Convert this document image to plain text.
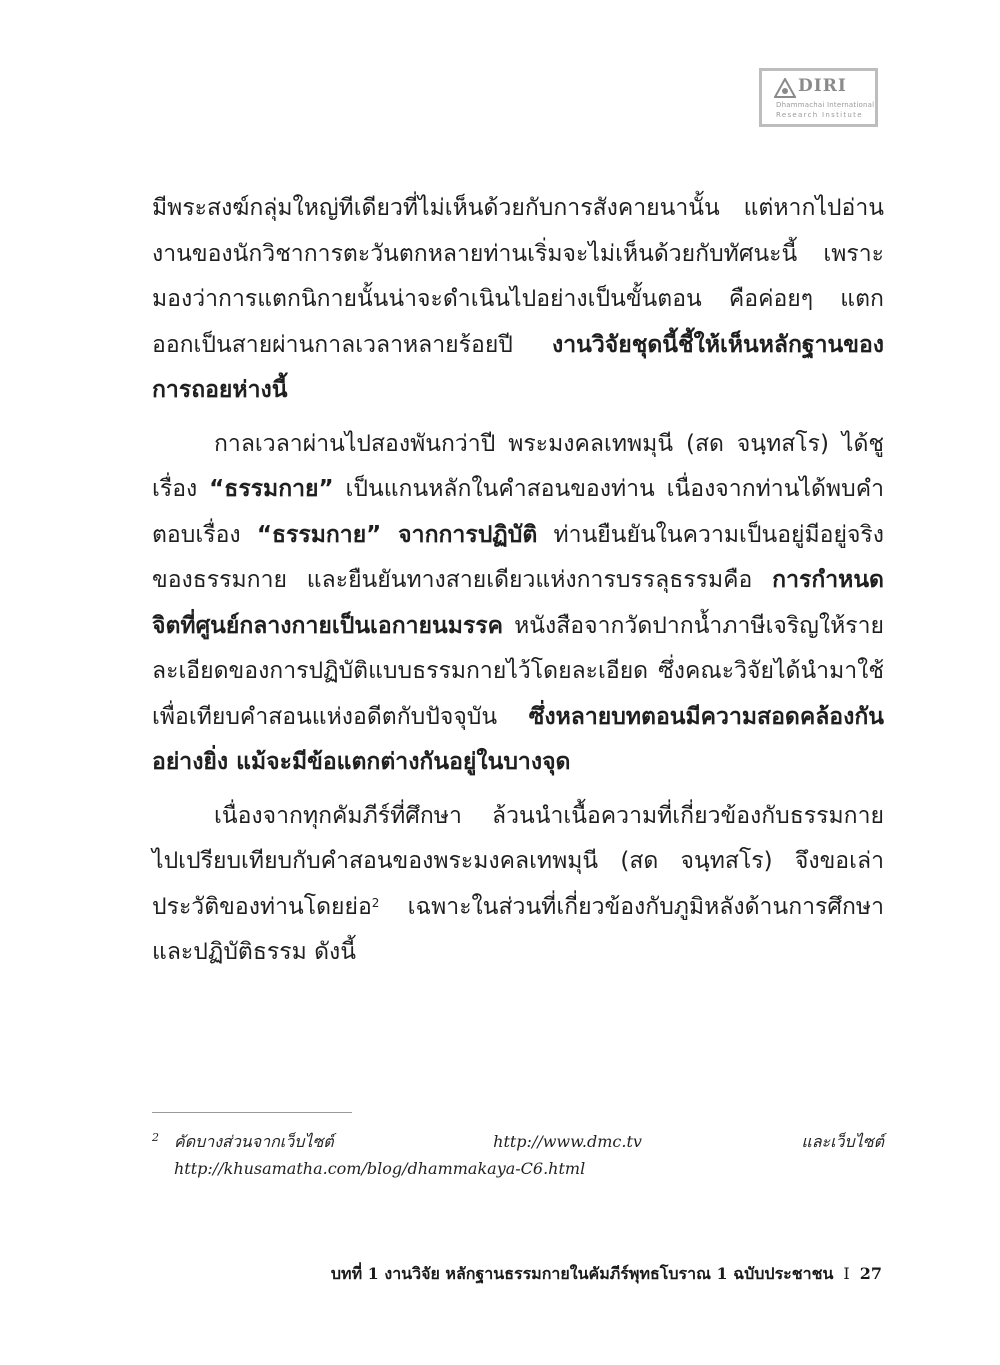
DIRI
Dhammachai International
Research Institute

มีพระสงฆ์กลุ่มใหญ่ทีเดียวที่ไม่เห็นด้วยกับการสังคายนานั้น แต่หากไปอ่านงานของนักวิชาการตะวันตกหลายท่านเริ่มจะไม่เห็นด้วยกับทัศนะนี้ เพราะมองว่าการแตกนิกายนั้นน่าจะดำเนินไปอย่างเป็นขั้นตอน คือค่อยๆ แตกออกเป็นสายผ่านกาลเวลาหลายร้อยปี งานวิจัยชุดนี้ชี้ให้เห็นหลักฐานของการถอยห่างนี้

กาลเวลาผ่านไปสองพันกว่าปี พระมงคลเทพมุนี (สด จนฺทสโร) ได้ชูเรื่อง “ธรรมกาย” เป็นแกนหลักในคำสอนของท่าน เนื่องจากท่านได้พบคำตอบเรื่อง “ธรรมกาย” จากการปฏิบัติ ท่านยืนยันในความเป็นอยู่มีอยู่จริงของธรรมกาย และยืนยันทางสายเดียวแห่งการบรรลุธรรมคือ การกำหนดจิตที่ศูนย์กลางกายเป็นเอกายนมรรค หนังสือจากวัดปากน้ำภาษีเจริญให้รายละเอียดของการปฏิบัติแบบธรรมกายไว้โดยละเอียด ซึ่งคณะวิจัยได้นำมาใช้เพื่อเทียบคำสอนแห่งอดีตกับปัจจุบัน ซึ่งหลายบทตอนมีความสอดคล้องกันอย่างยิ่ง แม้จะมีข้อแตกต่างกันอยู่ในบางจุด

เนื่องจากทุกคัมภีร์ที่ศึกษา ล้วนนำเนื้อความที่เกี่ยวข้องกับธรรมกายไปเปรียบเทียบกับคำสอนของพระมงคลเทพมุนี (สด จนฺทสโร) จึงขอเล่าประวัติของท่านโดยย่อ$^2$ เฉพาะในส่วนที่เกี่ยวข้องกับภูมิหลังด้านการศึกษาและปฏิบัติธรรม ดังนี้

2 คัดบางส่วนจากเว็บไซต์ http://www.dmc.tv และเว็บไซต์ http://khusamatha.com/blog/dhammakaya-C6.html
บทที่ 1 งานวิจัย หลักฐานธรรมกายในคัมภีร์พุทธโบราณ 1 ฉบับประชาชน I 27
